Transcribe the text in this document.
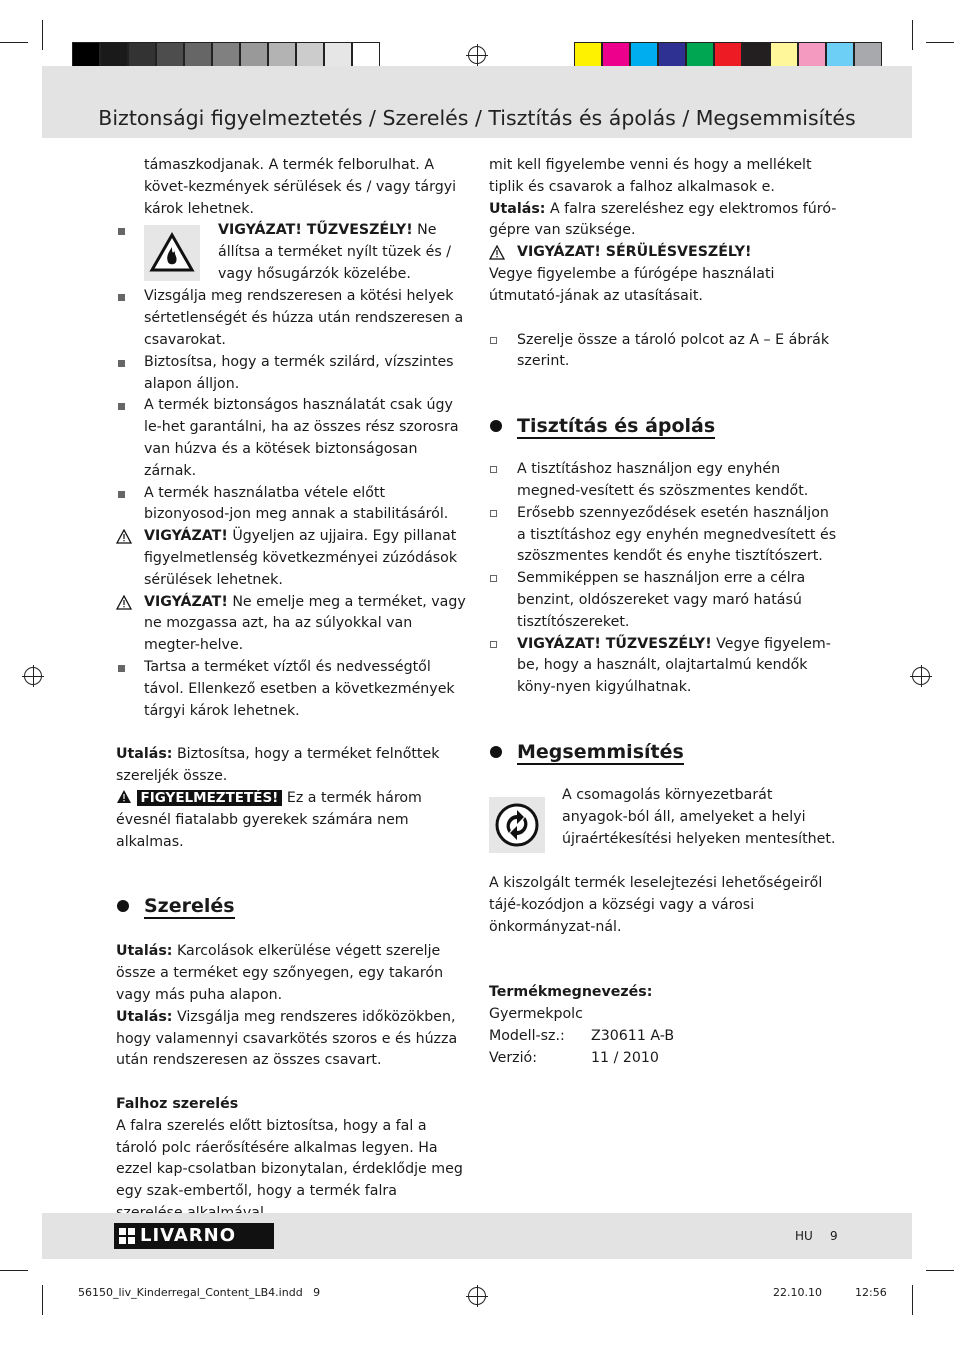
Biztonsági figyelmeztetés / Szerelés / Tisztítás és ápolás / Megsemmisítés

támaszkodjanak. A termék felborulhat. A követ-kezmények sérülések és / vagy tárgyi károk lehetnek.

VIGYÁZAT! TŰZVESZÉLY! Ne állítsa a terméket nyílt tüzek és / vagy hősugárzók közelébe.
Vizsgálja meg rendszeresen a kötési helyek sértetlenségét és húzza után rendszeresen a csavarokat.
Biztosítsa, hogy a termék szilárd, vízszintes alapon álljon.
A termék biztonságos használatát csak úgy le-het garantálni, ha az összes rész szorosra van húzva és a kötések biztonságosan zárnak.
A termék használatba vétele előtt bizonyosod-jon meg annak a stabilitásáról.
VIGYÁZAT! Ügyeljen az ujjaira. Egy pillanat figyelmetlenség következményei zúzódások sérülések lehetnek.
VIGYÁZAT! Ne emelje meg a terméket, vagy ne mozgassa azt, ha az súlyokkal van megter-helve.
Tartsa a terméket víztől és nedvességtől távol. Ellenkező esetben a következmények tárgyi károk lehetnek.

Utalás: Biztosítsa, hogy a terméket felnőttek szereljék össze.

FIGYELMEZTETÉS! Ez a termék három évesnél fiatalabb gyerekek számára nem alkalmas.

Szerelés

Utalás: Karcolások elkerülése végett szerelje össze a terméket egy szőnyegen, egy takarón vagy más puha alapon.

Utalás: Vizsgálja meg rendszeres időközökben, hogy valamennyi csavarkötés szoros e és húzza után rendszeresen az összes csavart.

Falhoz szerelés

A falra szerelés előtt biztosítsa, hogy a fal a tároló polc ráerősítésére alkalmas legyen. Ha ezzel kap-csolatban bizonytalan, érdeklődje meg egy szak-embertől, hogy a termék falra

mit kell figyelembe venni és hogy a mellékelt tiplik és csavarok a falhoz alkalmasok e.

Utalás: A falra szereléshez egy elektromos fúró-gépre van szüksége.

VIGYÁZAT! SÉRÜLÉSVESZÉLY!

Vegye figyelembe a fúrógépe használati útmutató-jának az utasításait.

Szerelje össze a tároló polcot az A – E ábrák szerint.
Tisztítás és ápolás
A tisztításhoz használjon egy enyhén megned-vesített és szöszmentes kendőt.
Erősebb szennyeződések esetén használjon a tisztításhoz egy enyhén megnedvesített és szöszmentes kendőt és enyhe tisztítószert.
Semmiképpen se használjon erre a célra benzint, oldószereket vagy maró hatású tisztítószereket.
VIGYÁZAT! TŰZVESZÉLY! Vegye figyelem-be, hogy a használt, olajtartalmú kendők köny-nyen kigyúlhatnak.
Megsemmisítés

A csomagolás környezetbarát anyagok-ból áll, amelyeket a helyi újraértékesítési helyeken mentesíthet.

A kiszolgált termék leselejtezési lehetőségeiről tájé-kozódjon a községi vagy a városi önkormányzat-nál.

Termékmegnevezés:

Gyermekpolc

Modell-sz.: Z30611 A-B

Verzió:	11 / 2010

LIVARNO	HU 9
56150_liv_Kinderregal_Content_LB4.indd   9	22.10.10	12:56
